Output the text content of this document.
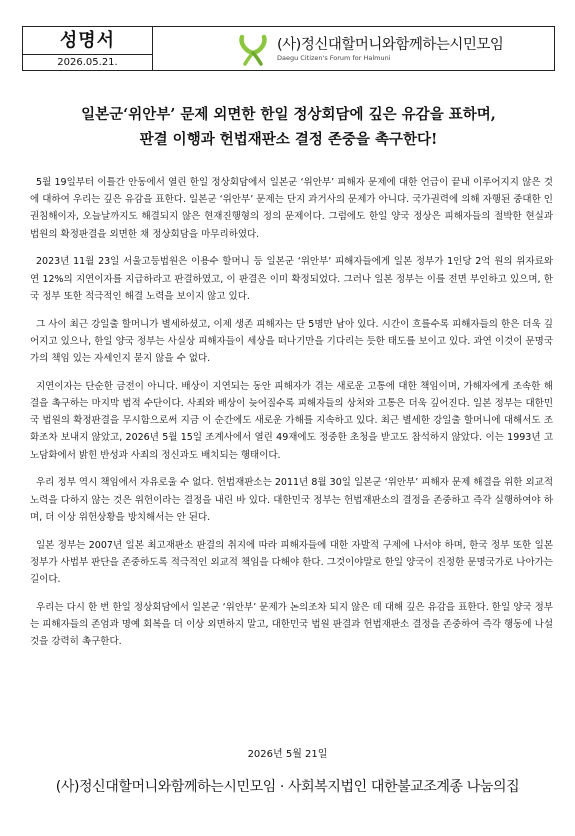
성명서
2026.05.21.
(사)정신대할머니와함께하는시민모임
Daegu Citizen's Forum for Halmuni
일본군‘위안부’ 문제 외면한 한일 정상회담에 깊은 유감을 표하며,
판결 이행과 헌법재판소 결정 존중을 촉구한다!

5월 19일부터 이틀간 안동에서 열린 한일 정상회담에서 일본군 ‘위안부’ 피해자 문제에 대한 언급이 끝내 이루어지지 않은 것에 대하여 우리는 깊은 유감을 표한다. 일본군 ‘위안부’ 문제는 단지 과거사의 문제가 아니다. 국가권력에 의해 자행된 중대한 인권침해이자, 오늘날까지도 해결되지 않은 현재진행형의 정의 문제이다. 그럼에도 한일 양국 정상은 피해자들의 절박한 현실과 법원의 확정판결을 외면한 채 정상회담을 마무리하였다.

2023년 11월 23일 서울고등법원은 이용수 할머니 등 일본군 ‘위안부’ 피해자들에게 일본 정부가 1인당 2억 원의 위자료와 연 12%의 지연이자를 지급하라고 판결하였고, 이 판결은 이미 확정되었다. 그러나 일본 정부는 이를 전면 부인하고 있으며, 한국 정부 또한 적극적인 해결 노력을 보이지 않고 있다.

그 사이 최근 강일출 할머니가 별세하셨고, 이제 생존 피해자는 단 5명만 남아 있다. 시간이 흐를수록 피해자들의 한은 더욱 깊어지고 있으나, 한일 양국 정부는 사실상 피해자들이 세상을 떠나기만을 기다리는 듯한 태도를 보이고 있다. 과연 이것이 문명국가의 책임 있는 자세인지 묻지 않을 수 없다.

지연이자는 단순한 금전이 아니다. 배상이 지연되는 동안 피해자가 겪는 새로운 고통에 대한 책임이며, 가해자에게 조속한 해결을 촉구하는 마지막 법적 수단이다. 사죄와 배상이 늦어질수록 피해자들의 상처와 고통은 더욱 깊어진다. 일본 정부는 대한민국 법원의 확정판결을 무시함으로써 지금 이 순간에도 새로운 가해를 지속하고 있다. 최근 별세한 강일출 할머니에 대해서도 조화조차 보내지 않았고, 2026년 5월 15일 조계사에서 열린 49재에도 정중한 초청을 받고도 참석하지 않았다. 이는 1993년 고노담화에서 밝힌 반성과 사죄의 정신과도 배치되는 행태이다.

우리 정부 역시 책임에서 자유로울 수 없다. 헌법재판소는 2011년 8월 30일 일본군 ‘위안부’ 피해자 문제 해결을 위한 외교적 노력을 다하지 않는 것은 위헌이라는 결정을 내린 바 있다. 대한민국 정부는 헌법재판소의 결정을 존중하고 즉각 실행하여야 하며, 더 이상 위헌상황을 방치해서는 안 된다.

일본 정부는 2007년 일본 최고재판소 판결의 취지에 따라 피해자들에 대한 자발적 구제에 나서야 하며, 한국 정부 또한 일본 정부가 사법부 판단을 존중하도록 적극적인 외교적 책임을 다해야 한다. 그것이야말로 한일 양국이 진정한 문명국가로 나아가는 길이다.

우리는 다시 한 번 한일 정상회담에서 일본군 ‘위안부’ 문제가 논의조차 되지 않은 데 대해 깊은 유감을 표한다. 한일 양국 정부는 피해자들의 존엄과 명예 회복을 더 이상 외면하지 말고, 대한민국 법원 판결과 헌법재판소 결정을 존중하여 즉각 행동에 나설 것을 강력히 촉구한다.

2026년 5월 21일
(사)정신대할머니와함께하는시민모임 · 사회복지법인 대한불교조계종 나눔의집
